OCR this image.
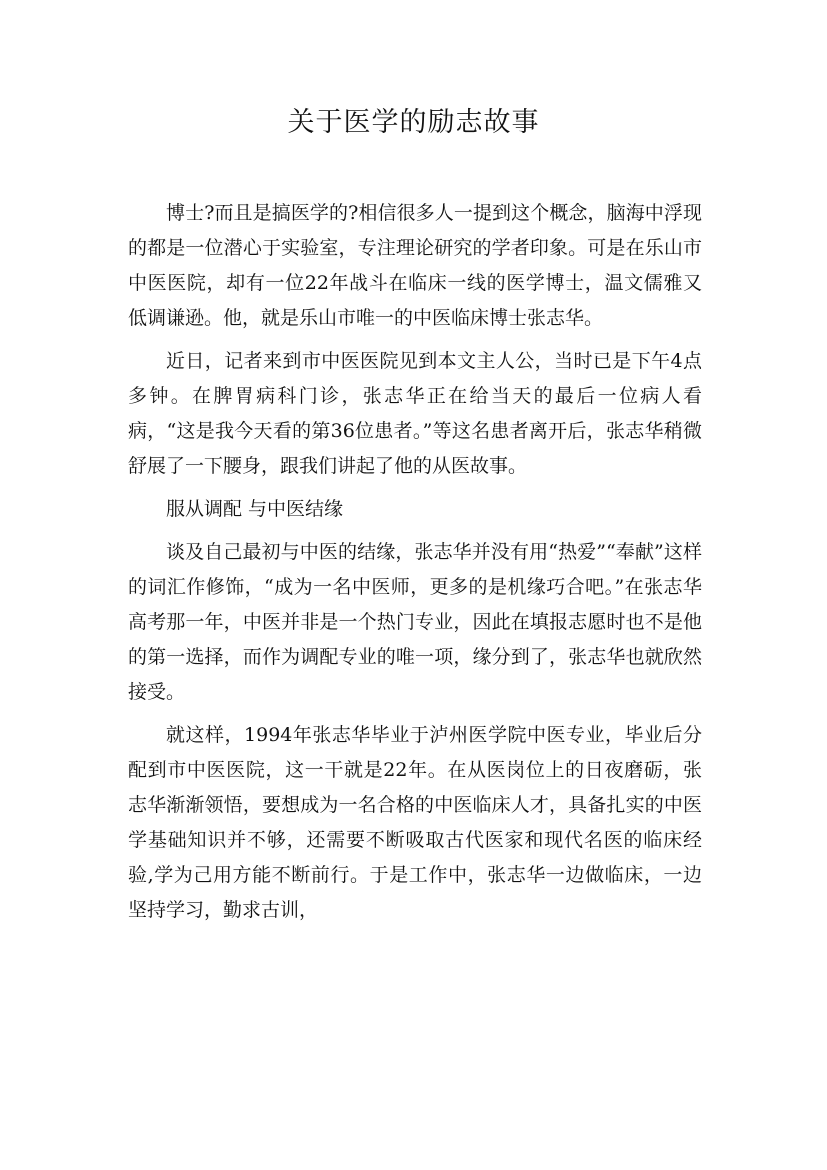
关于医学的励志故事

博士?而且是搞医学的?相信很多人一提到这个概念，脑海中浮现的都是一位潜心于实验室，专注理论研究的学者印象。可是在乐山市中医医院，却有一位22年战斗在临床一线的医学博士，温文儒雅又低调谦逊。他，就是乐山市唯一的中医临床博士张志华。

近日，记者来到市中医医院见到本文主人公，当时已是下午4点多钟。在脾胃病科门诊，张志华正在给当天的最后一位病人看病，“这是我今天看的第36位患者。”等这名患者离开后，张志华稍微舒展了一下腰身，跟我们讲起了他的从医故事。

服从调配 与中医结缘

谈及自己最初与中医的结缘，张志华并没有用“热爱”“奉献”这样的词汇作修饰，“成为一名中医师，更多的是机缘巧合吧。”在张志华高考那一年，中医并非是一个热门专业，因此在填报志愿时也不是他的第一选择，而作为调配专业的唯一项，缘分到了，张志华也就欣然接受。

就这样，1994年张志华毕业于泸州医学院中医专业，毕业后分配到市中医医院，这一干就是22年。在从医岗位上的日夜磨砺，张志华渐渐领悟，要想成为一名合格的中医临床人才，具备扎实的中医学基础知识并不够，还需要不断吸取古代医家和现代名医的临床经验,学为己用方能不断前行。于是工作中，张志华一边做临床，一边坚持学习，勤求古训，
